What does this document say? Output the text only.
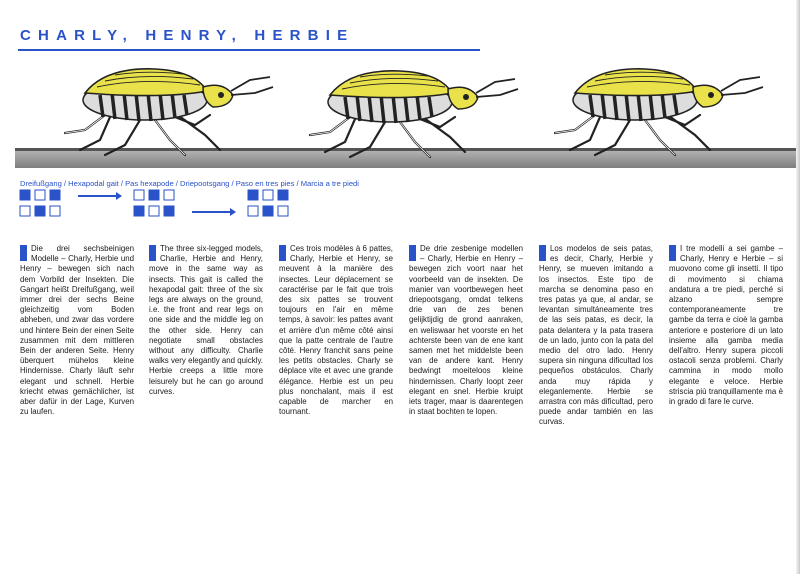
CHARLY, HENRY, HERBIE
Dreifußgang / Hexapodal gait / Pas hexapode / Driepootsgang / Paso en tres pies / Marcia a tre piedi

Die drei sechsbeinigen Modelle – Charly, Herbie und Henry – bewegen sich nach dem Vorbild der Insekten. Die Gangart heißt Dreifußgang, weil immer drei der sechs Beine gleichzeitig vom Boden abheben, und zwar das vordere und hintere Bein der einen Seite zusammen mit dem mittleren Bein der anderen Seite. Henry überquert mühelos kleine Hindernisse. Charly läuft sehr elegant und schnell. Herbie kriecht etwas gemächlicher, ist aber dafür in der Lage, Kurven zu laufen.

The three six-legged models, Charlie, Herbie and Henry, move in the same way as insects. This gait is called the hexapodal gait: three of the six legs are always on the ground, i.e. the front and rear legs on one side and the middle leg on the other side. Henry can negotiate small obstacles without any difficulty. Charlie walks very elegantly and quickly. Herbie creeps a little more leisurely but he can go around curves.

Ces trois modèles à 6 pattes, Charly, Herbie et Henry, se meuvent à la manière des insectes. Leur déplacement se caractérise par le fait que trois des six pattes se trouvent toujours en l'air en même temps, à savoir: les pattes avant et arrière d'un même côté ainsi que la patte centrale de l'autre côté. Henry franchit sans peine les petits obstacles. Charly se déplace vite et avec une grande élégance. Herbie est un peu plus nonchalant, mais il est capable de marcher en tournant.

De drie zesbenige modellen – Charly, Herbie en Henry – bewegen zich voort naar het voorbeeld van de insekten. De manier van voortbewegen heet driepootsgang, omdat telkens drie van de zes benen gelijktijdig de grond aanraken, en weliswaar het voorste en het achterste been van de ene kant samen met het middelste been van de andere kant. Henry bedwingt moeiteloos kleine hindernissen. Charly loopt zeer elegant en snel. Herbie kruipt iets trager, maar is daarentegen in staat bochten te lopen.

Los modelos de seis patas, es decir, Charly, Herbie y Henry, se mueven imitando a los insectos. Este tipo de marcha se denomina paso en tres patas ya que, al andar, se levantan simultáneamente tres de las seis patas, es decir, la pata delantera y la pata trasera de un lado, junto con la pata del medio del otro lado. Henry supera sin ninguna dificultad los pequeños obstáculos. Charly anda muy rápida y eleganlemente. Herbie se arrastra con más dificultad, pero puede andar también en las curvas.

I tre modelli a sei gambe – Charly, Henry e Herbie – si muovono come gli insetti. Il tipo di movimento si chiama andatura a tre piedi, perché si alzano sempre contemporaneamente tre gambe da terra e cioè la gamba anteriore e posteriore di un lato insieme alla gamba media dell'altro. Henry supera piccoli ostacoli senza problemi. Charly cammina in modo mollo elegante e veloce. Herbie striscia più tranquillamente ma è in grado di fare le curve.
